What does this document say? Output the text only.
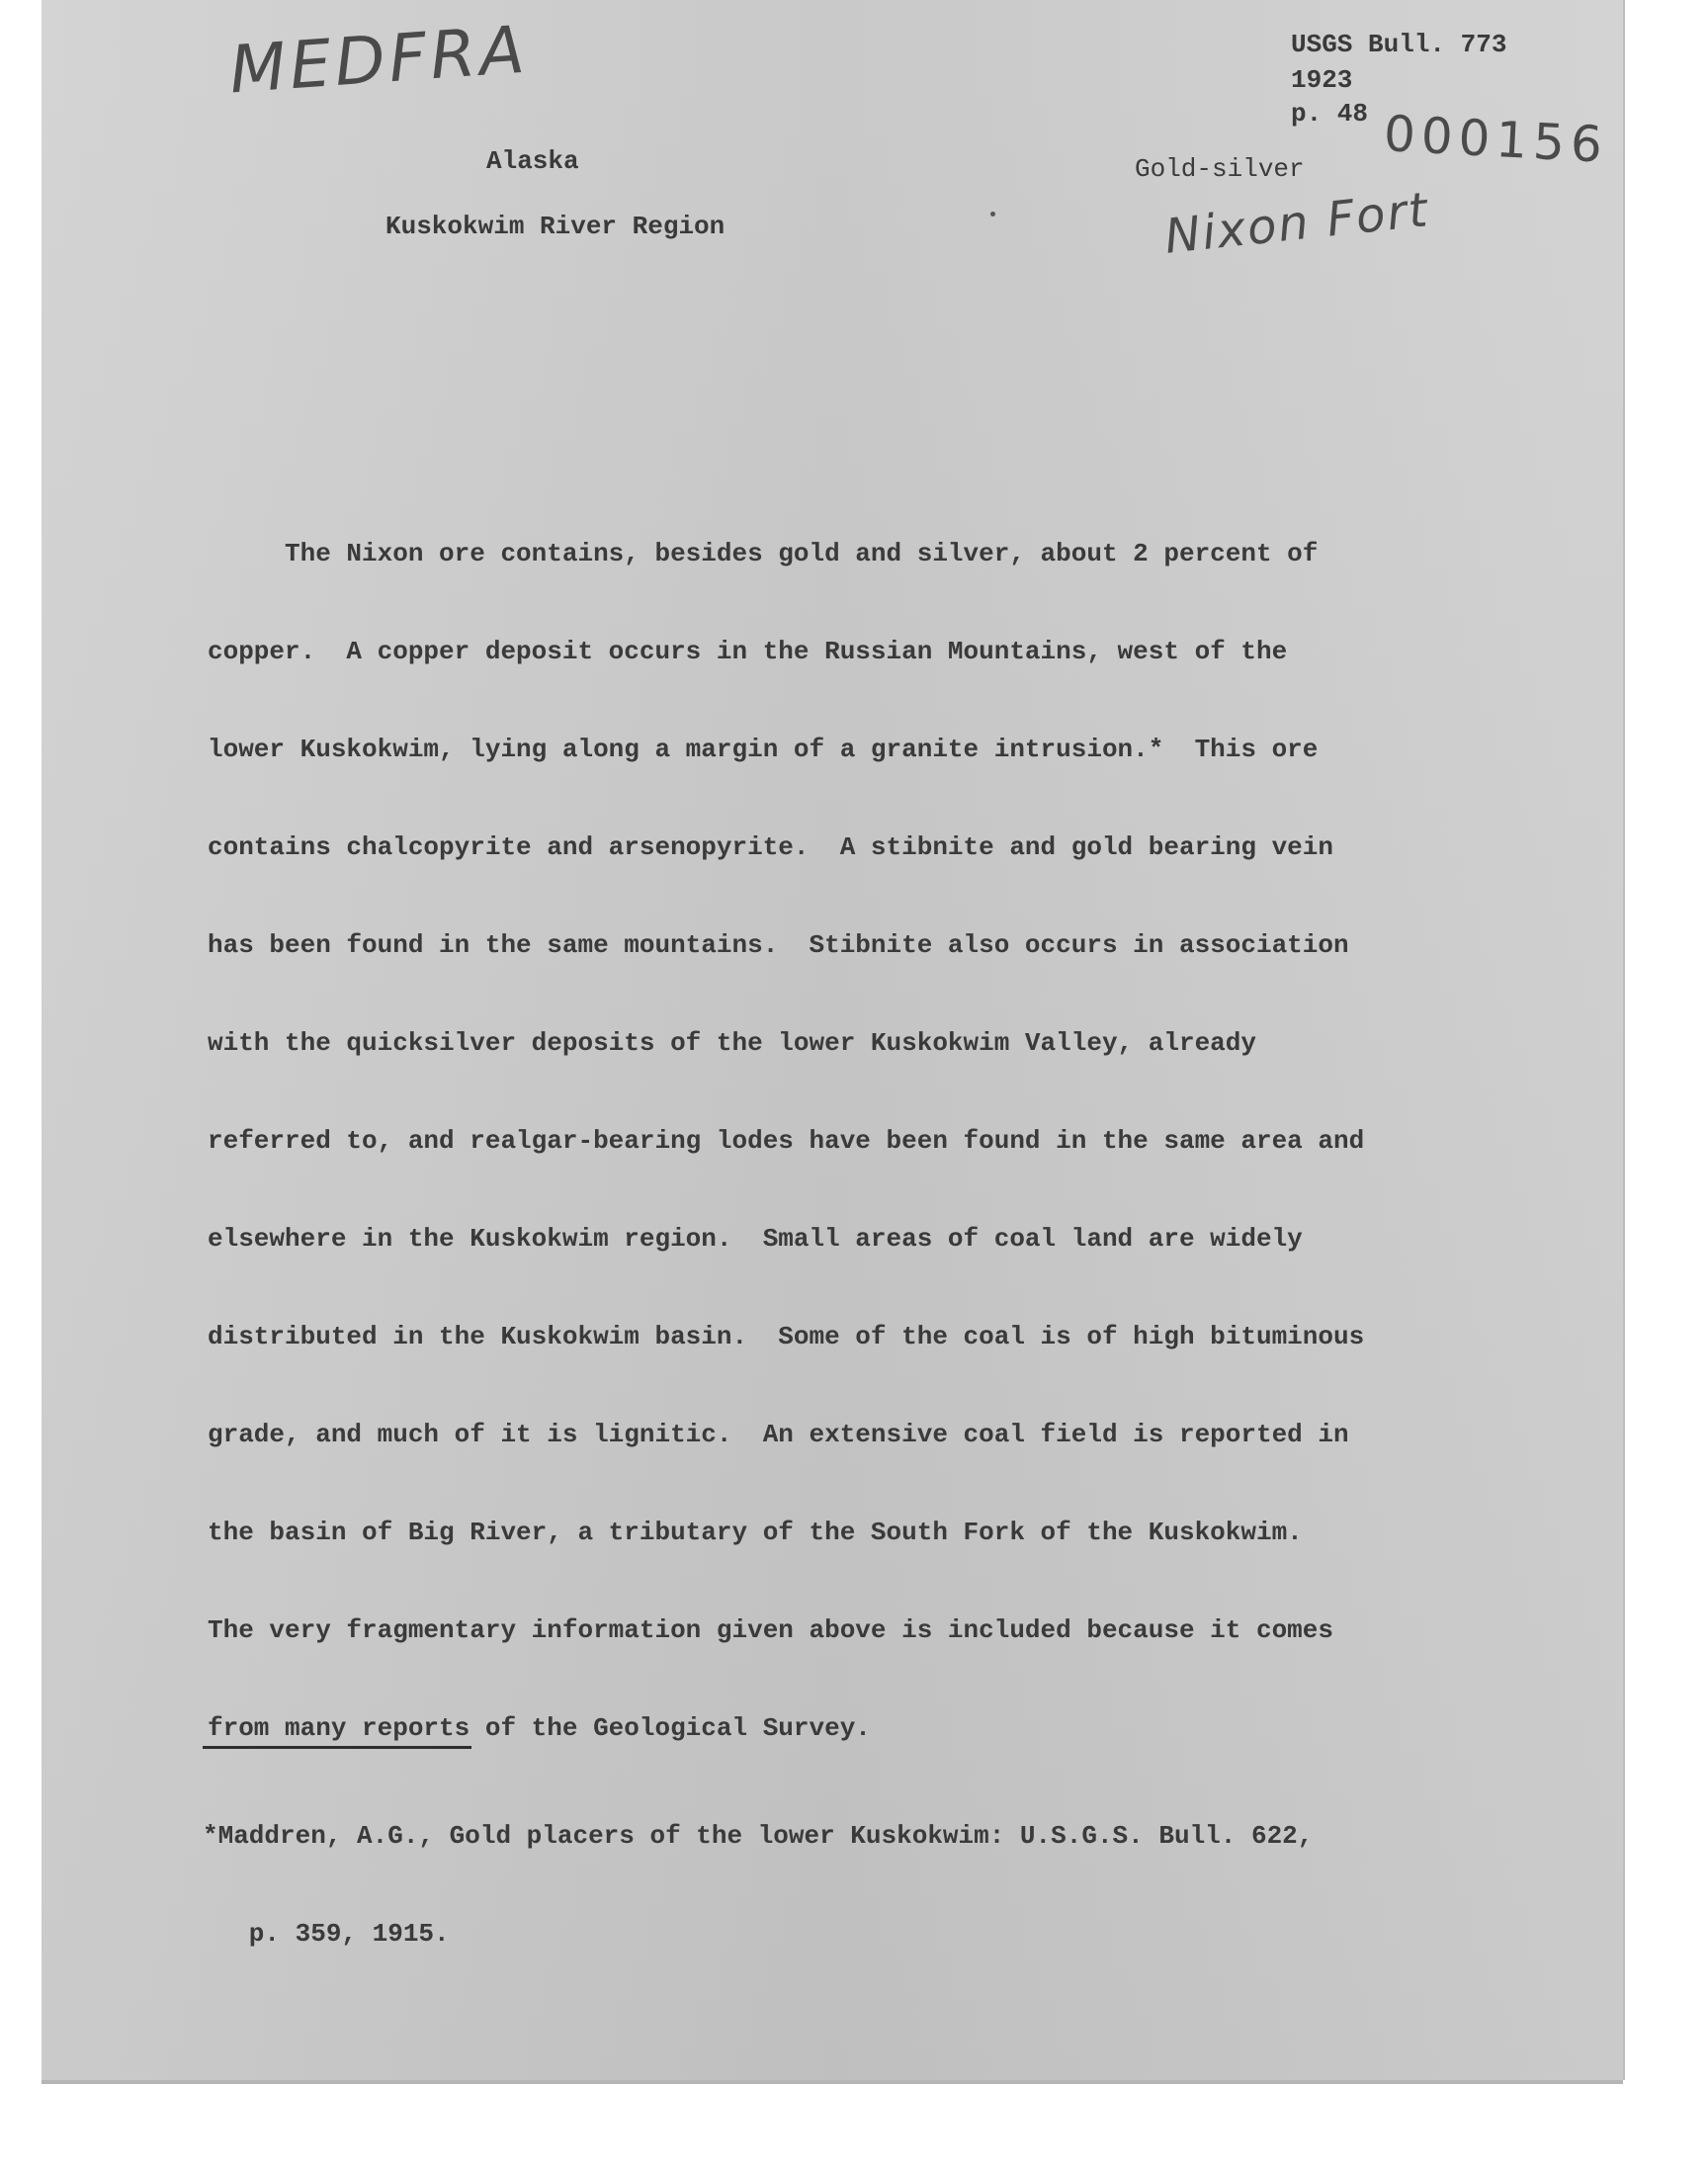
MEDFRA
000156
Nixon Fort
USGS Bull. 773
1923
p. 48
Alaska	Gold-silver
Kuskokwim River Region

The Nixon ore contains, besides gold and silver, about 2 percent of

copper.  A copper deposit occurs in the Russian Mountains, west of the

lower Kuskokwim, lying along a margin of a granite intrusion.*  This ore

contains chalcopyrite and arsenopyrite.  A stibnite and gold bearing vein

has been found in the same mountains.  Stibnite also occurs in association

with the quicksilver deposits of the lower Kuskokwim Valley, already

referred to, and realgar-bearing lodes have been found in the same area and

elsewhere in the Kuskokwim region.  Small areas of coal land are widely

distributed in the Kuskokwim basin.  Some of the coal is of high bituminous

grade, and much of it is lignitic.  An extensive coal field is reported in

the basin of Big River, a tributary of the South Fork of the Kuskokwim.

The very fragmentary information given above is included because it comes

from many reports of the Geological Survey.

*Maddren, A.G., Gold placers of the lower Kuskokwim: U.S.G.S. Bull. 622,

p. 359, 1915.
